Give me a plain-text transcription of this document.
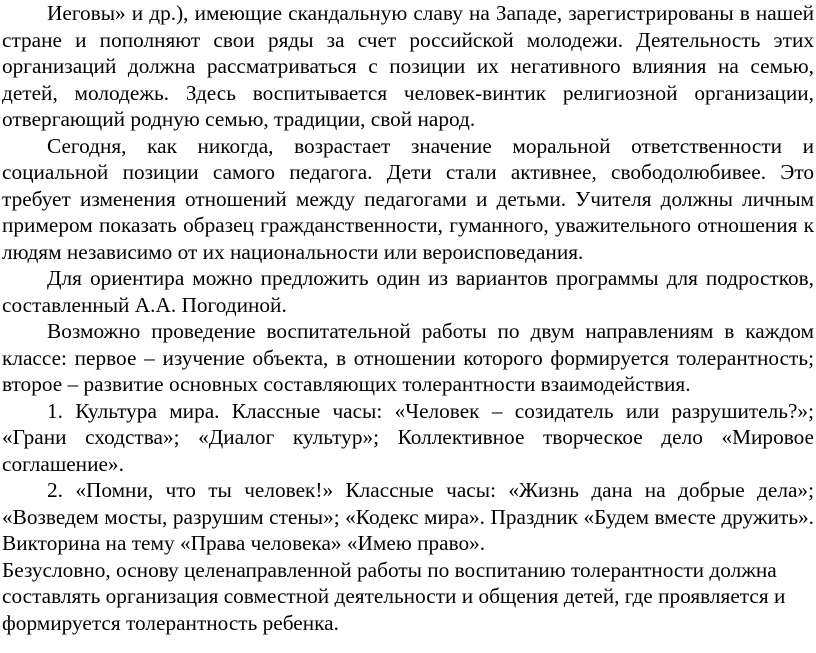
Иеговы» и др.), имеющие скандальную славу на Западе, зарегистрированы в нашей стране и пополняют свои ряды за счет российской молодежи. Деятельность этих организаций должна рассматриваться с позиции их негативного влияния на семью, детей, молодежь. Здесь воспитывается человек-винтик религиозной организации, отвергающий родную семью, традиции, свой народ.

Сегодня, как никогда, возрастает значение моральной ответственности и социальной позиции самого педагога. Дети стали активнее, свободолюбивее. Это требует изменения отношений между педагогами и детьми. Учителя должны личным примером показать образец гражданственности, гуманного, уважительного отношения к людям независимо от их национальности или вероисповедания.

Для ориентира можно предложить один из вариантов программы для подростков, составленный А.А. Погодиной.

Возможно проведение воспитательной работы по двум направлениям в каждом классе: первое – изучение объекта, в отношении которого формируется толерантность; второе – развитие основных составляющих толерантности взаимодействия.

1. Культура мира. Классные часы: «Человек – созидатель или разрушитель?»; «Грани сходства»; «Диалог культур»; Коллективное творческое дело «Мировое соглашение».

2. «Помни, что ты человек!» Классные часы: «Жизнь дана на добрые дела»; «Возведем мосты, разрушим стены»; «Кодекс мира». Праздник «Будем вместе дружить». Викторина на тему «Права человека» «Имею право».

Безусловно, основу целенаправленной работы по воспитанию толерантности должна составлять организация совместной деятельности и общения детей, где проявляется и формируется толерантность ребенка.
